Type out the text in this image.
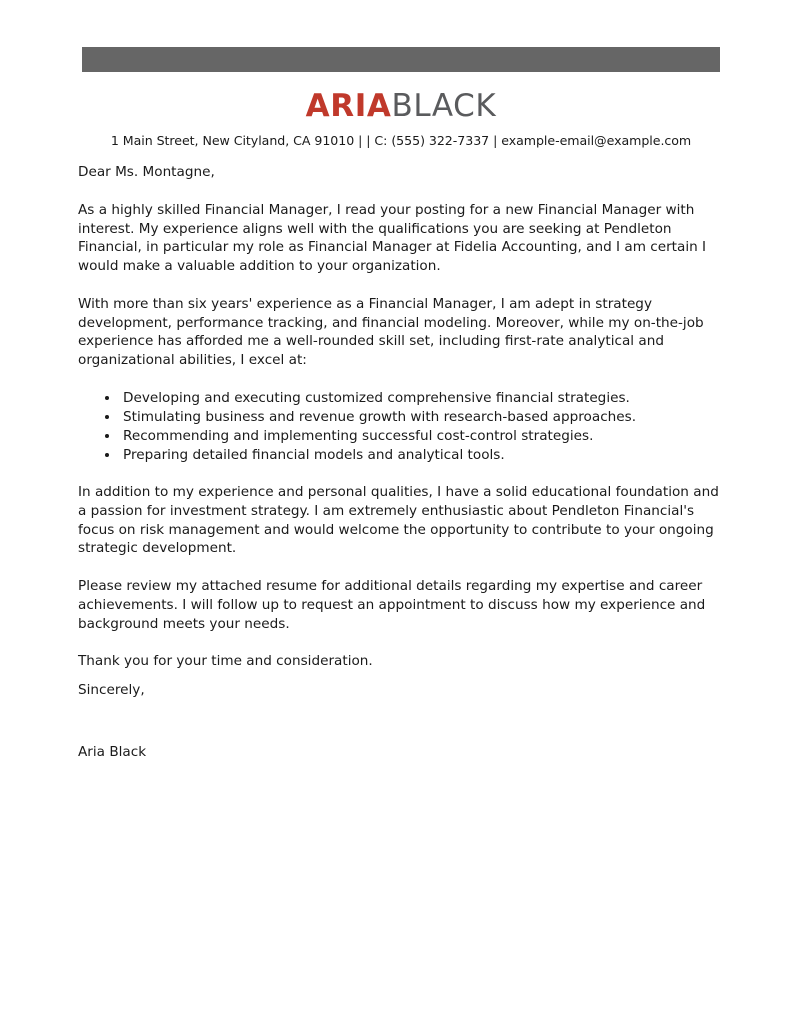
ARIABLACK
1 Main Street, New Cityland, CA 91010 | | C: (555) 322-7337 | example-email@example.com

Dear Ms. Montagne,

As a highly skilled Financial Manager, I read your posting for a new Financial Manager with interest. My experience aligns well with the qualifications you are seeking at Pendleton Financial, in particular my role as Financial Manager at Fidelia Accounting, and I am certain I would make a valuable addition to your organization.

With more than six years' experience as a Financial Manager, I am adept in strategy development, performance tracking, and financial modeling. Moreover, while my on-the-job experience has afforded me a well-rounded skill set, including first-rate analytical and organizational abilities, I excel at:

Developing and executing customized comprehensive financial strategies.
Stimulating business and revenue growth with research-based approaches.
Recommending and implementing successful cost-control strategies.
Preparing detailed financial models and analytical tools.

In addition to my experience and personal qualities, I have a solid educational foundation and a passion for investment strategy. I am extremely enthusiastic about Pendleton Financial's focus on risk management and would welcome the opportunity to contribute to your ongoing strategic development.

Please review my attached resume for additional details regarding my expertise and career achievements. I will follow up to request an appointment to discuss how my experience and background meets your needs.

Thank you for your time and consideration.

Sincerely,

Aria Black
